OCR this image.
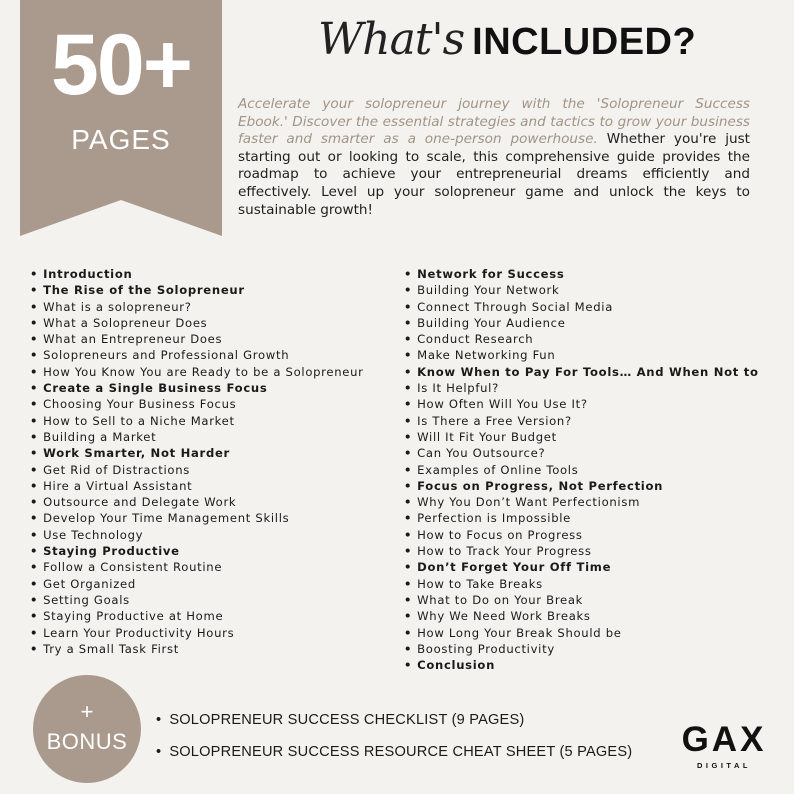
50+
PAGES
What's INCLUDED?

Accelerate your solopreneur journey with the 'Solopreneur Success Ebook.' Discover the essential strategies and tactics to grow your business faster and smarter as a one-person powerhouse. Whether you're just starting out or looking to scale, this comprehensive guide provides the roadmap to achieve your entrepreneurial dreams efficiently and effectively. Level up your solopreneur game and unlock the keys to sustainable growth!

• Introduction
• The Rise of the Solopreneur
• What is a solopreneur?
• What a Solopreneur Does
• What an Entrepreneur Does
• Solopreneurs and Professional Growth
• How You Know You are Ready to be a Solopreneur
• Create a Single Business Focus
• Choosing Your Business Focus
• How to Sell to a Niche Market
• Building a Market
• Work Smarter, Not Harder
• Get Rid of Distractions
• Hire a Virtual Assistant
• Outsource and Delegate Work
• Develop Your Time Management Skills
• Use Technology
• Staying Productive
• Follow a Consistent Routine
• Get Organized
• Setting Goals
• Staying Productive at Home
• Learn Your Productivity Hours
• Try a Small Task First
• Network for Success
• Building Your Network
• Connect Through Social Media
• Building Your Audience
• Conduct Research
• Make Networking Fun
• Know When to Pay For Tools… And When Not to
• Is It Helpful?
• How Often Will You Use It?
• Is There a Free Version?
• Will It Fit Your Budget
• Can You Outsource?
• Examples of Online Tools
• Focus on Progress, Not Perfection
• Why You Don’t Want Perfectionism
• Perfection is Impossible
• How to Focus on Progress
• How to Track Your Progress
• Don’t Forget Your Off Time
• How to Take Breaks
• What to Do on Your Break
• Why We Need Work Breaks
• How Long Your Break Should be
• Boosting Productivity
• Conclusion
+
BONUS
• SOLOPRENEUR SUCCESS CHECKLIST (9 PAGES)
• SOLOPRENEUR SUCCESS RESOURCE CHEAT SHEET (5 PAGES) GAX
DIGITAL
